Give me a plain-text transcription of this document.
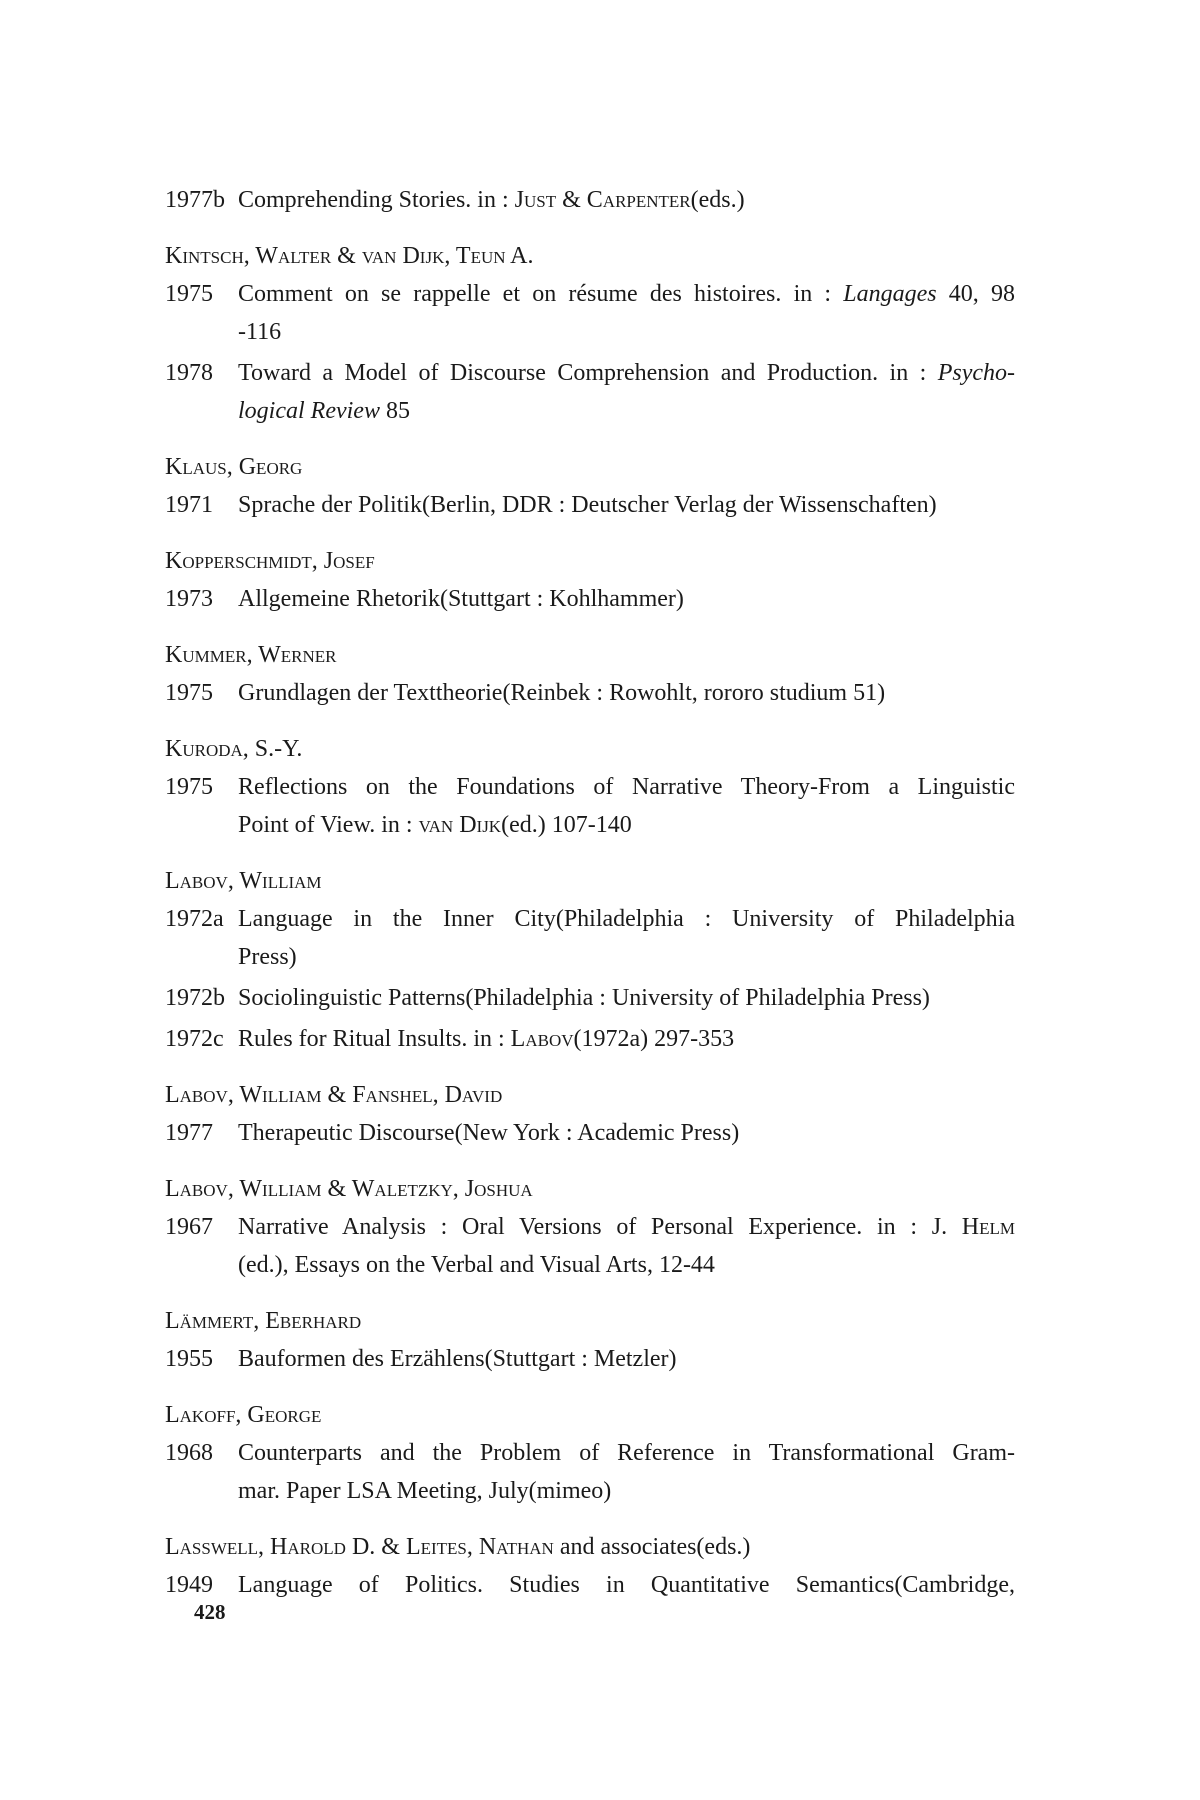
1977b Comprehending Stories. in : Just & Carpenter(eds.)
Kintsch, Walter & van Dijk, Teun A.
1975	Comment on se rappelle et on résume des histoires. in : Langages 40, 98
-116
1978	Toward a Model of Discourse Comprehension and Production. in : Psycho-
logical Review 85
Klaus, Georg
1971	Sprache der Politik(Berlin, DDR : Deutscher Verlag der Wissenschaften)
Kopperschmidt, Josef
1973	Allgemeine Rhetorik(Stuttgart : Kohlhammer)
Kummer, Werner
1975	Grundlagen der Texttheorie(Reinbek : Rowohlt, rororo studium 51)
Kuroda, S.-Y.
1975	Reflections on the Foundations of Narrative Theory-From a Linguistic
Point of View. in : van Dijk(ed.) 107-140
Labov, William
1972a Language in the Inner City(Philadelphia : University of Philadelphia
Press)
1972b Sociolinguistic Patterns(Philadelphia : University of Philadelphia Press)
1972c Rules for Ritual Insults. in : Labov(1972a) 297-353
Labov, William & Fanshel, David
1977	Therapeutic Discourse(New York : Academic Press)
Labov, William & Waletzky, Joshua
1967	Narrative Analysis : Oral Versions of Personal Experience. in : J. Helm
(ed.), Essays on the Verbal and Visual Arts, 12-44
Lämmert, Eberhard
1955	Bauformen des Erzählens(Stuttgart : Metzler)
Lakoff, George
1968	Counterparts and the Problem of Reference in Transformational Gram-
mar. Paper LSA Meeting, July(mimeo)
Lasswell, Harold D. & Leites, Nathan and associates(eds.)
1949	Language of Politics. Studies in Quantitative Semantics(Cambridge,
428
